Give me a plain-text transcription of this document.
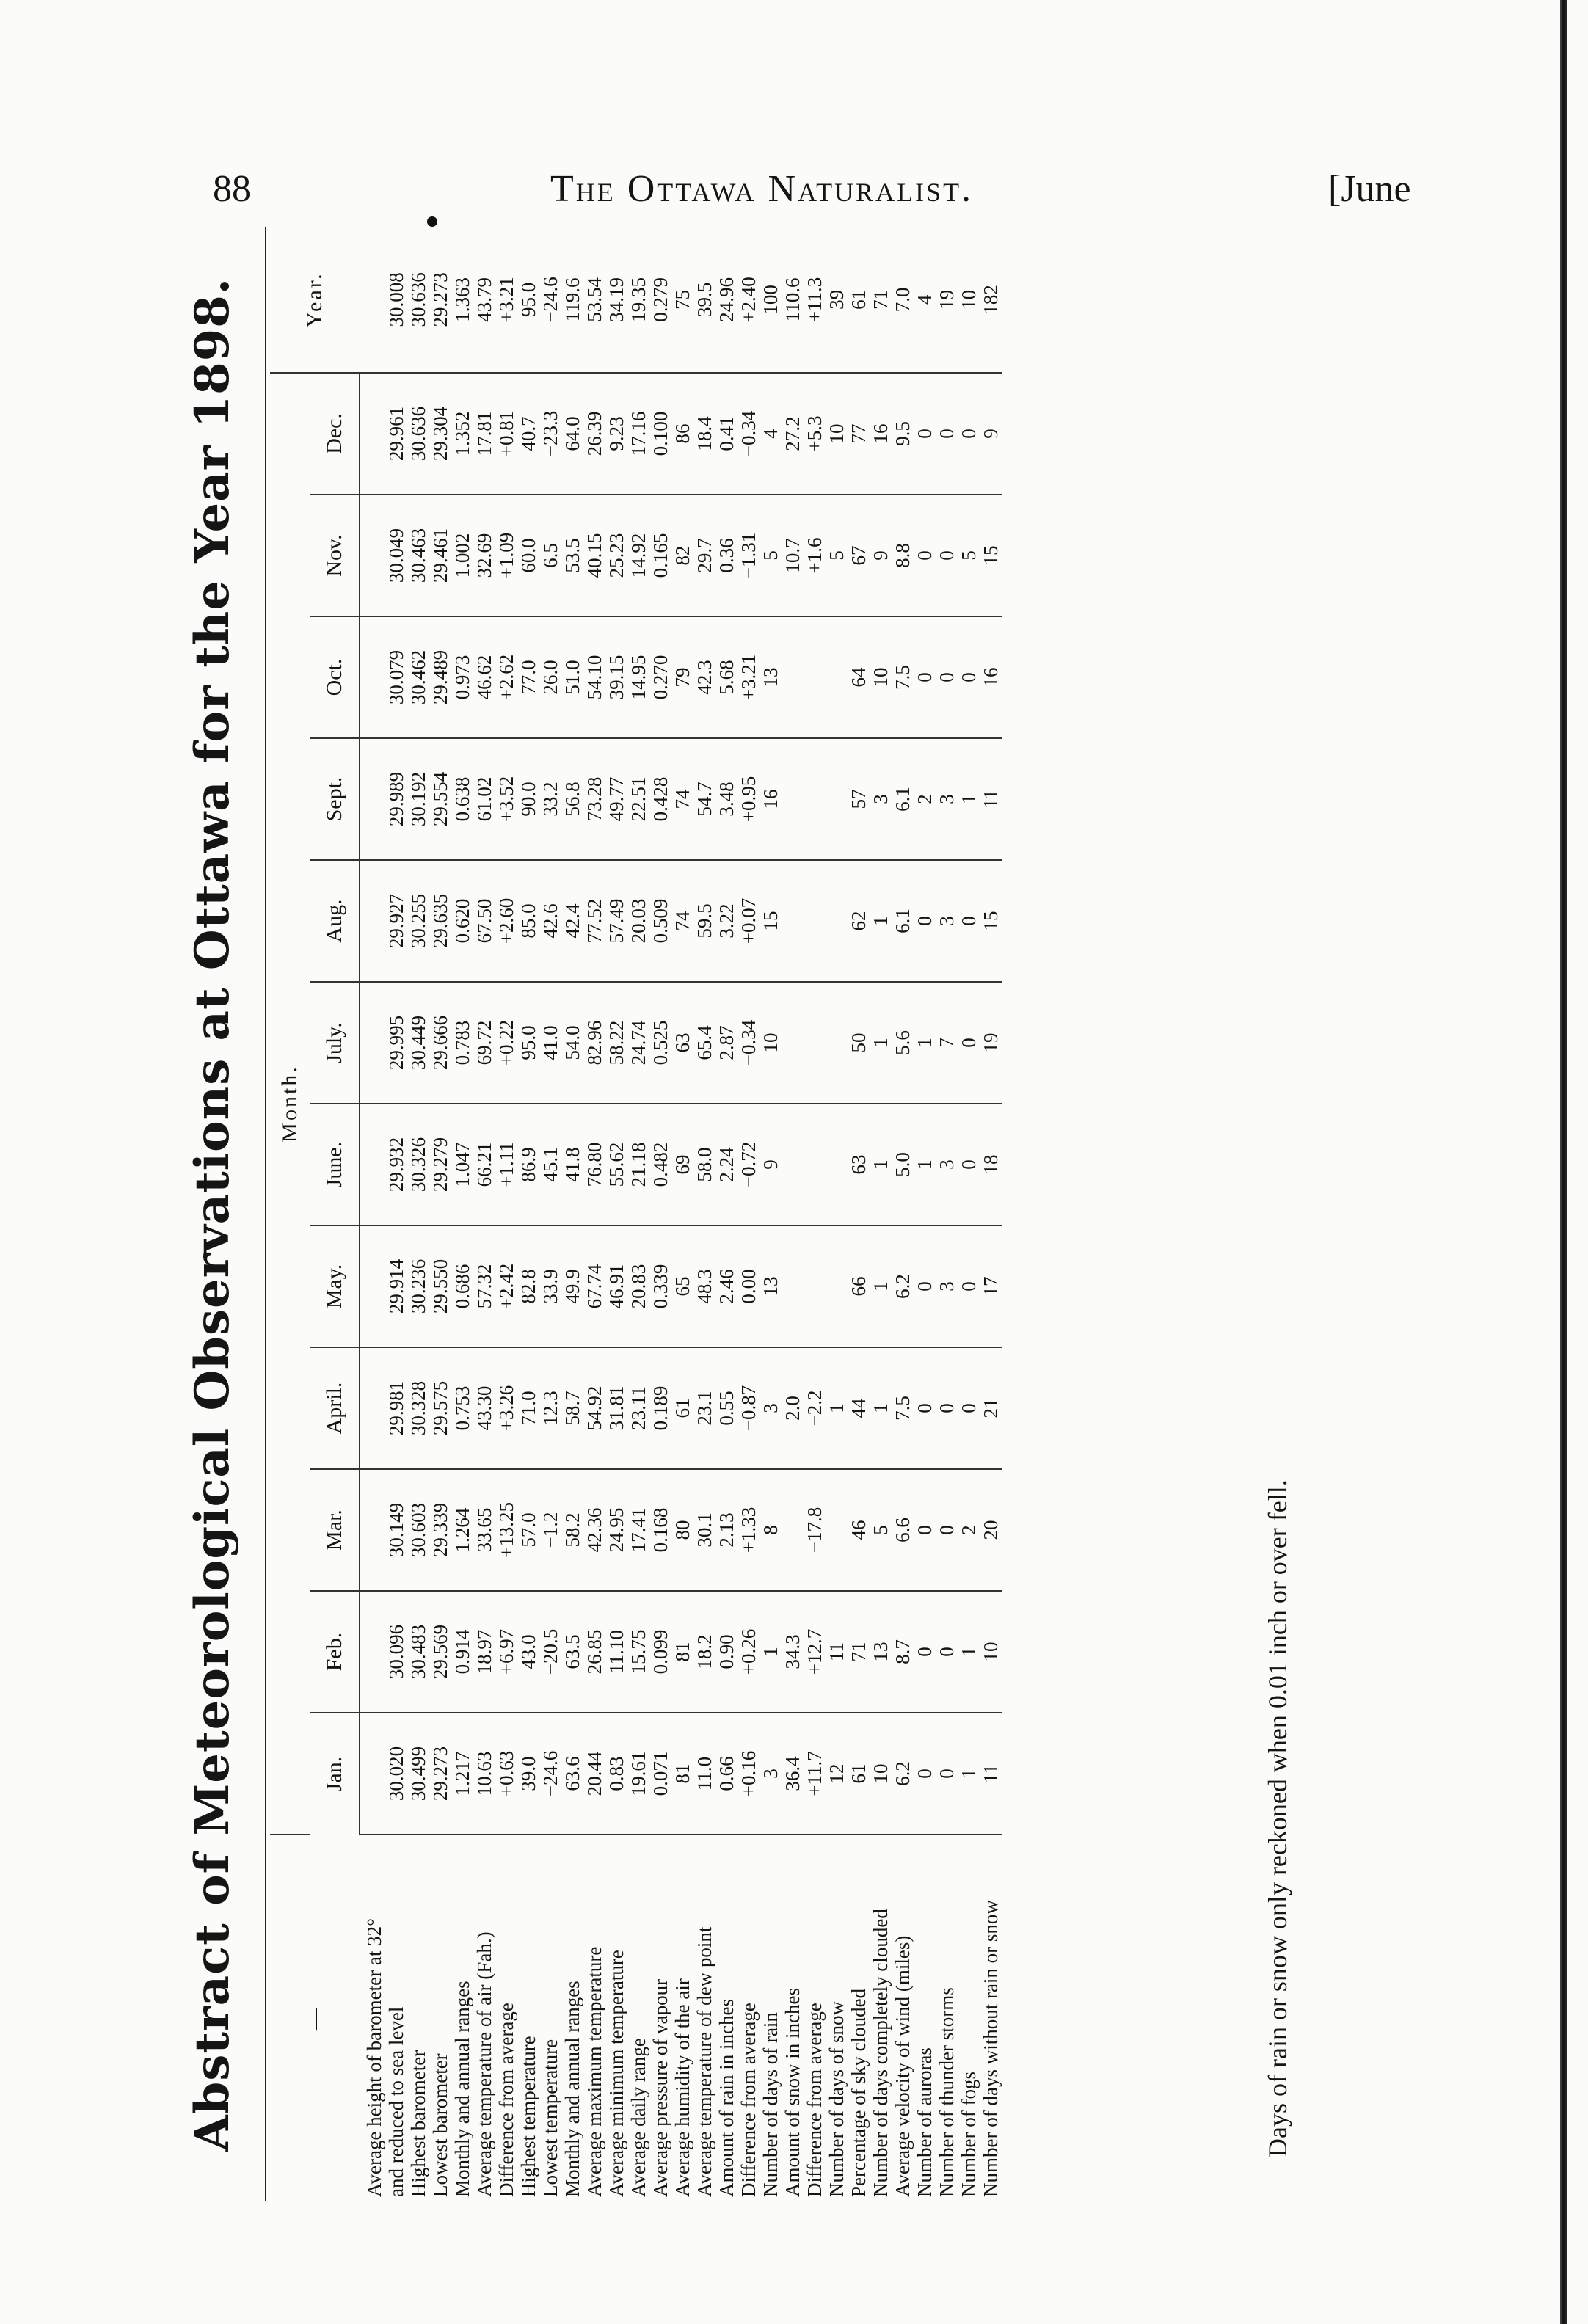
88	The Ottawa Naturalist.	[June
Abstract of Meteorological Observations at Ottawa for the Year 1898.	—	Month.												Year.
	Jan.	Feb.	Mar.	April.	May.	June.	July.	Aug.	Sept.	Oct.	Nov.	Dec.	
Average height of barometer at 32°													
and reduced to sea level	30.020	30.096	30.149	29.981	29.914	29.932	29.995	29.927	29.989	30.079	30.049	29.961	30.008
Highest barometer	30.499	30.483	30.603	30.328	30.236	30.326	30.449	30.255	30.192	30.462	30.463	30.636	30.636
Lowest barometer	29.273	29.569	29.339	29.575	29.550	29.279	29.666	29.635	29.554	29.489	29.461	29.304	29.273
Monthly and annual ranges	1.217	0.914	1.264	0.753	0.686	1.047	0.783	0.620	0.638	0.973	1.002	1.352	1.363
Average temperature of air (Fah.)	10.63	18.97	33.65	43.30	57.32	66.21	69.72	67.50	61.02	46.62	32.69	17.81	43.79
Difference from average	+0.63	+6.97	+13.25	+3.26	+2.42	+1.11	+0.22	+2.60	+3.52	+2.62	+1.09	+0.81	+3.21
Highest temperature	39.0	43.0	57.0	71.0	82.8	86.9	95.0	85.0	90.0	77.0	60.0	40.7	95.0
Lowest temperature	−24.6	−20.5	−1.2	12.3	33.9	45.1	41.0	42.6	33.2	26.0	6.5	−23.3	−24.6
Monthly and annual ranges	63.6	63.5	58.2	58.7	49.9	41.8	54.0	42.4	56.8	51.0	53.5	64.0	119.6
Average maximum temperature	20.44	26.85	42.36	54.92	67.74	76.80	82.96	77.52	73.28	54.10	40.15	26.39	53.54
Average minimum temperature	0.83	11.10	24.95	31.81	46.91	55.62	58.22	57.49	49.77	39.15	25.23	9.23	34.19
Average daily range	19.61	15.75	17.41	23.11	20.83	21.18	24.74	20.03	22.51	14.95	14.92	17.16	19.35
Average pressure of vapour	0.071	0.099	0.168	0.189	0.339	0.482	0.525	0.509	0.428	0.270	0.165	0.100	0.279
Average humidity of the air	81	81	80	61	65	69	63	74	74	79	82	86	75
Average temperature of dew point	11.0	18.2	30.1	23.1	48.3	58.0	65.4	59.5	54.7	42.3	29.7	18.4	39.5
Amount of rain in inches	0.66	0.90	2.13	0.55	2.46	2.24	2.87	3.22	3.48	5.68	0.36	0.41	24.96
Difference from average	+0.16	+0.26	+1.33	−0.87	0.00	−0.72	−0.34	+0.07	+0.95	+3.21	−1.31	−0.34	+2.40
Number of days of rain	3	1	8	3	13	9	10	15	16	13	5	4	100
Amount of snow in inches	36.4	34.3		2.0							10.7	27.2	110.6
Difference from average	+11.7	+12.7	−17.8	−2.2							+1.6	+5.3	+11.3
Number of days of snow	12	11		1							5	10	39
Percentage of sky clouded	61	71	46	44	66	63	50	62	57	64	67	77	61
Number of days completely clouded	10	13	5	1	1	1	1	1	3	10	9	16	71
Average velocity of wind (miles)	6.2	8.7	6.6	7.5	6.2	5.0	5.6	6.1	6.1	7.5	8.8	9.5	7.0
Number of auroras	0	0	0	0	0	1	1	0	2	0	0	0	4
Number of thunder storms	0	0	0	0	3	3	7	3	3	0	0	0	19
Number of fogs	1	1	2	0	0	0	0	0	1	0	5	0	10
Number of days without rain or snow	11	10	20	21	17	18	19	15	11	16	15	9	182
Days of rain or snow only reckoned when 0.01 inch or over fell.
